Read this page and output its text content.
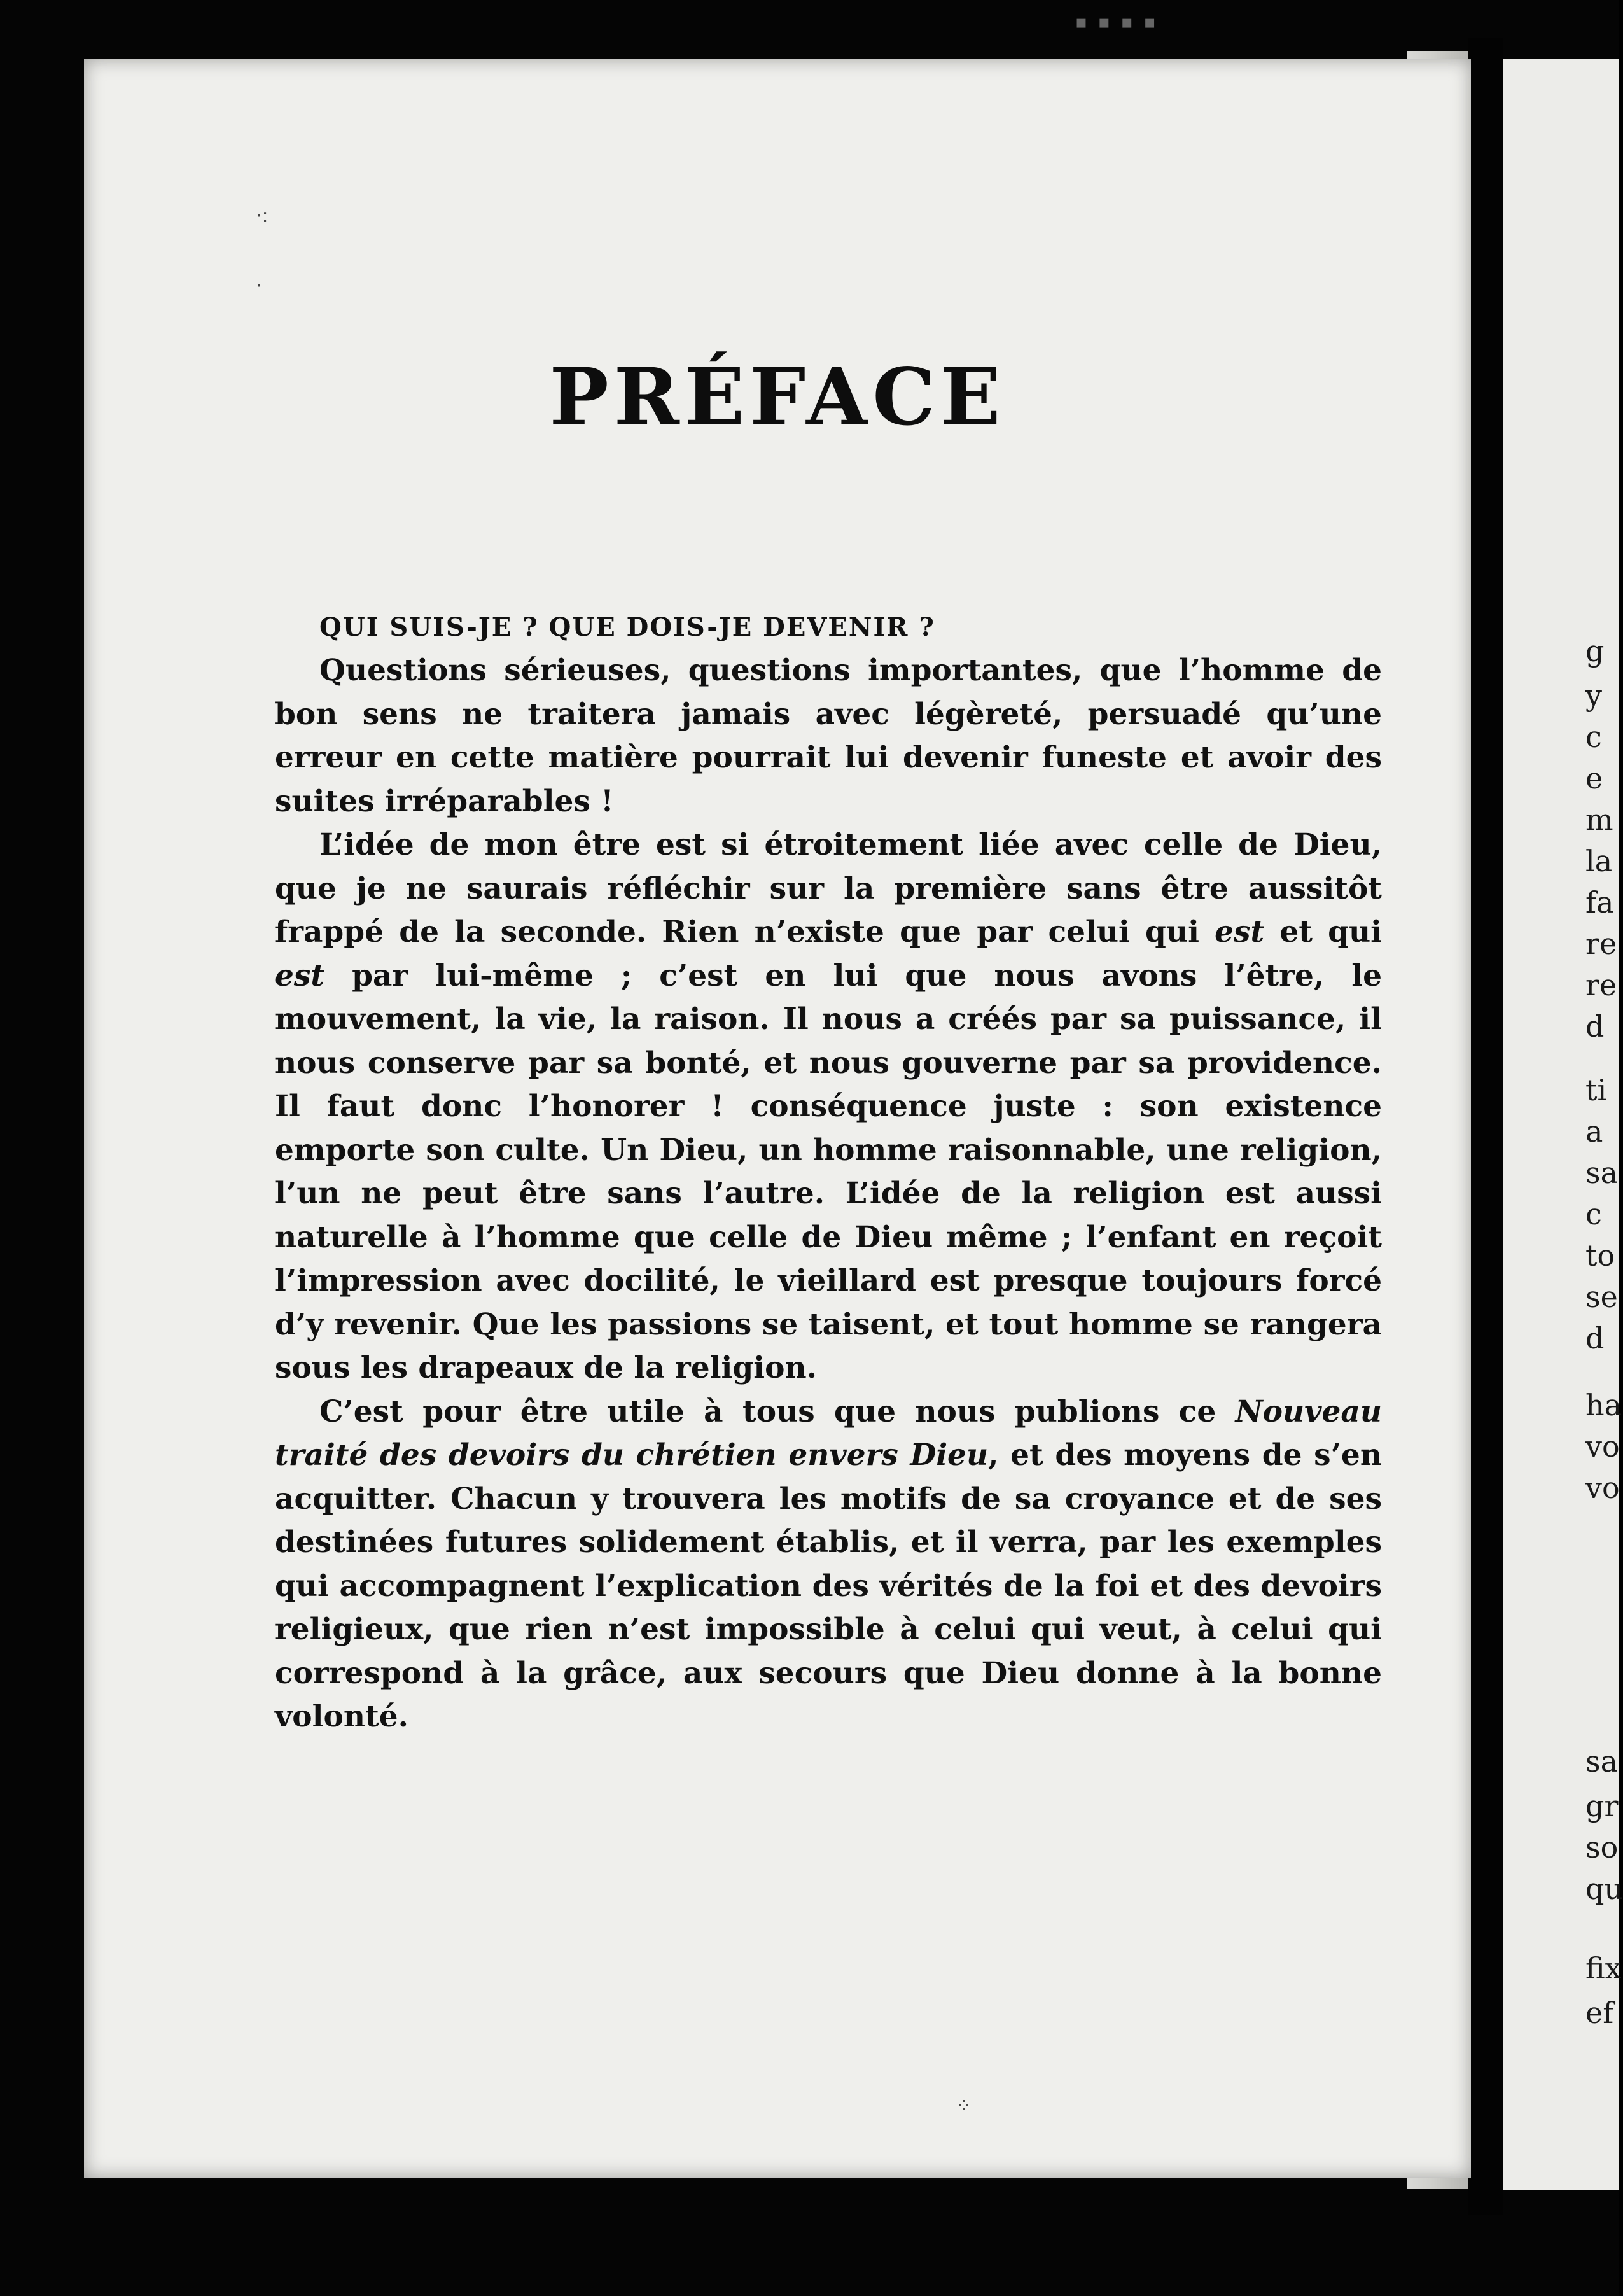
▪ ▪ ▪ ▪
g
y
c
e
m
la
fa
re
re
d
ti
a
sa
c
to
se
d
ha
vo
vo
sa
gr
so
qu
fix
ef
·:
·
⁘
PRÉFACE

QUI SUIS-JE ? QUE DOIS-JE DEVENIR ?

Questions sérieuses, questions importantes, que l’homme de bon sens ne traitera jamais avec légèreté, persuadé qu’une erreur en cette matière pourrait lui devenir funeste et avoir des suites irréparables !

L’idée de mon être est si étroitement liée avec celle de Dieu, que je ne saurais réfléchir sur la première sans être aussitôt frappé de la seconde. Rien n’existe que par celui qui est et qui est par lui-même ; c’est en lui que nous avons l’être, le mouvement, la vie, la raison. Il nous a créés par sa puissance, il nous conserve par sa bonté, et nous gouverne par sa providence. Il faut donc l’honorer ! conséquence juste : son existence emporte son culte. Un Dieu, un homme raisonnable, une religion, l’un ne peut être sans l’autre. L’idée de la religion est aussi naturelle à l’homme que celle de Dieu même ; l’enfant en reçoit l’impression avec docilité, le vieillard est presque toujours forcé d’y revenir. Que les passions se taisent, et tout homme se rangera sous les drapeaux de la religion.

C’est pour être utile à tous que nous publions ce Nouveau traité des devoirs du chrétien envers Dieu, et des moyens de s’en acquitter. Chacun y trouvera les motifs de sa croyance et de ses destinées futures solidement établis, et il verra, par les exemples qui accompagnent l’explication des vérités de la foi et des devoirs religieux, que rien n’est impossible à celui qui veut, à celui qui correspond à la grâce, aux secours que Dieu donne à la bonne volonté.
